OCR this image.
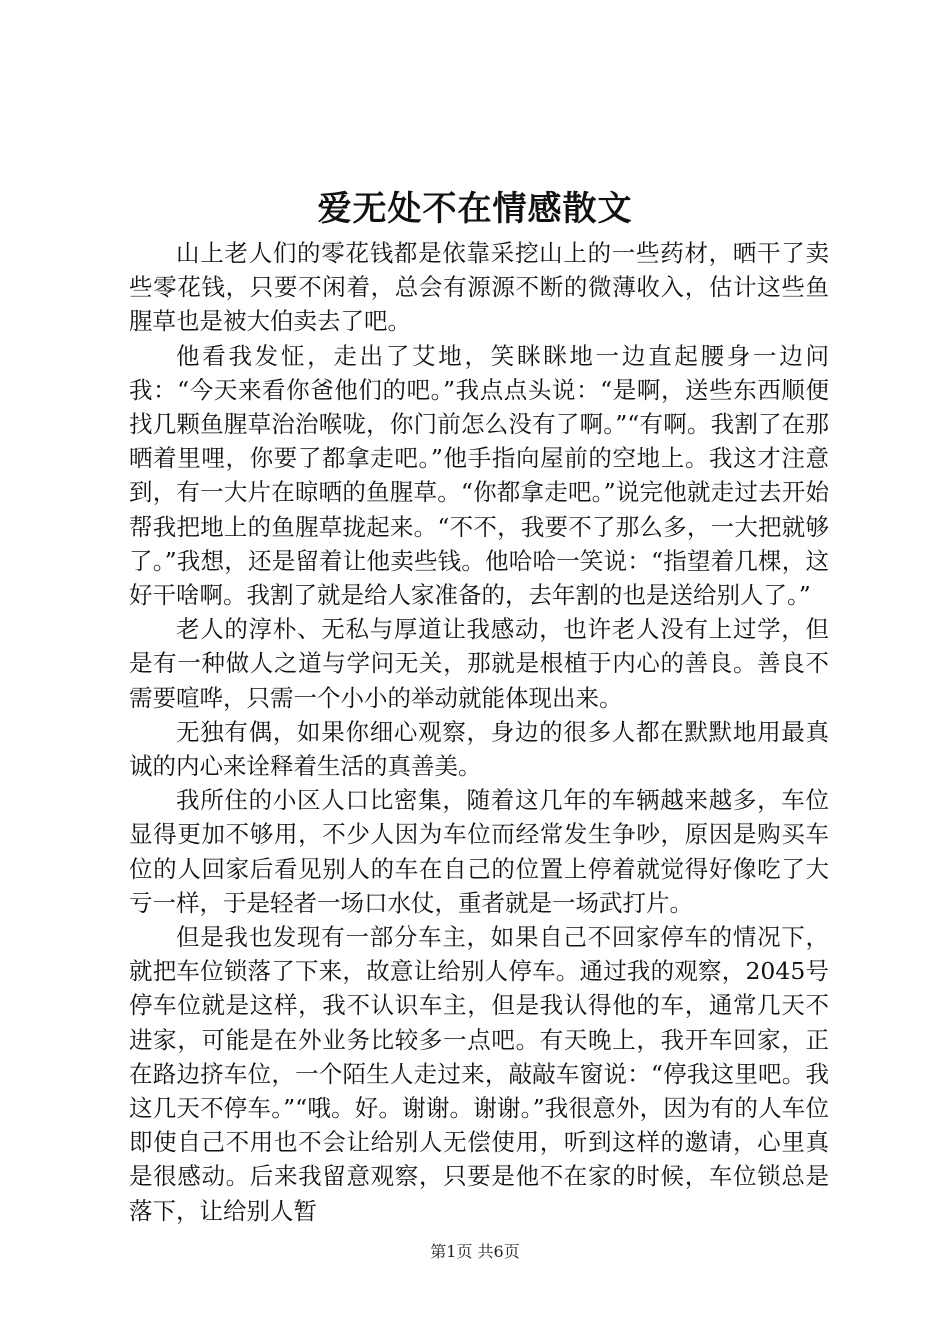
爱无处不在情感散文

山上老人们的零花钱都是依靠采挖山上的一些药材，晒干了卖些零花钱，只要不闲着，总会有源源不断的微薄收入，估计这些鱼腥草也是被大伯卖去了吧。

他看我发怔，走出了艾地，笑眯眯地一边直起腰身一边问我：“今天来看你爸他们的吧。”我点点头说：“是啊，送些东西顺便找几颗鱼腥草治治喉咙，你门前怎么没有了啊。”“有啊。我割了在那晒着里哩，你要了都拿走吧。”他手指向屋前的空地上。我这才注意到，有一大片在晾晒的鱼腥草。“你都拿走吧。”说完他就走过去开始帮我把地上的鱼腥草拢起来。“不不，我要不了那么多，一大把就够了。”我想，还是留着让他卖些钱。他哈哈一笑说：“指望着几棵，这好干啥啊。我割了就是给人家准备的，去年割的也是送给别人了。”

老人的淳朴、无私与厚道让我感动，也许老人没有上过学，但是有一种做人之道与学问无关，那就是根植于内心的善良。善良不需要喧哗，只需一个小小的举动就能体现出来。

无独有偶，如果你细心观察，身边的很多人都在默默地用最真诚的内心来诠释着生活的真善美。

我所住的小区人口比密集，随着这几年的车辆越来越多，车位显得更加不够用，不少人因为车位而经常发生争吵，原因是购买车位的人回家后看见别人的车在自己的位置上停着就觉得好像吃了大亏一样，于是轻者一场口水仗，重者就是一场武打片。

但是我也发现有一部分车主，如果自己不回家停车的情况下，就把车位锁落了下来，故意让给别人停车。通过我的观察，2045号停车位就是这样，我不认识车主，但是我认得他的车，通常几天不进家，可能是在外业务比较多一点吧。有天晚上，我开车回家，正在路边挤车位，一个陌生人走过来，敲敲车窗说：“停我这里吧。我这几天不停车。”“哦。好。谢谢。谢谢。”我很意外，因为有的人车位即使自己不用也不会让给别人无偿使用，听到这样的邀请，心里真是很感动。后来我留意观察，只要是他不在家的时候，车位锁总是落下，让给别人暂

第1页 共6页
